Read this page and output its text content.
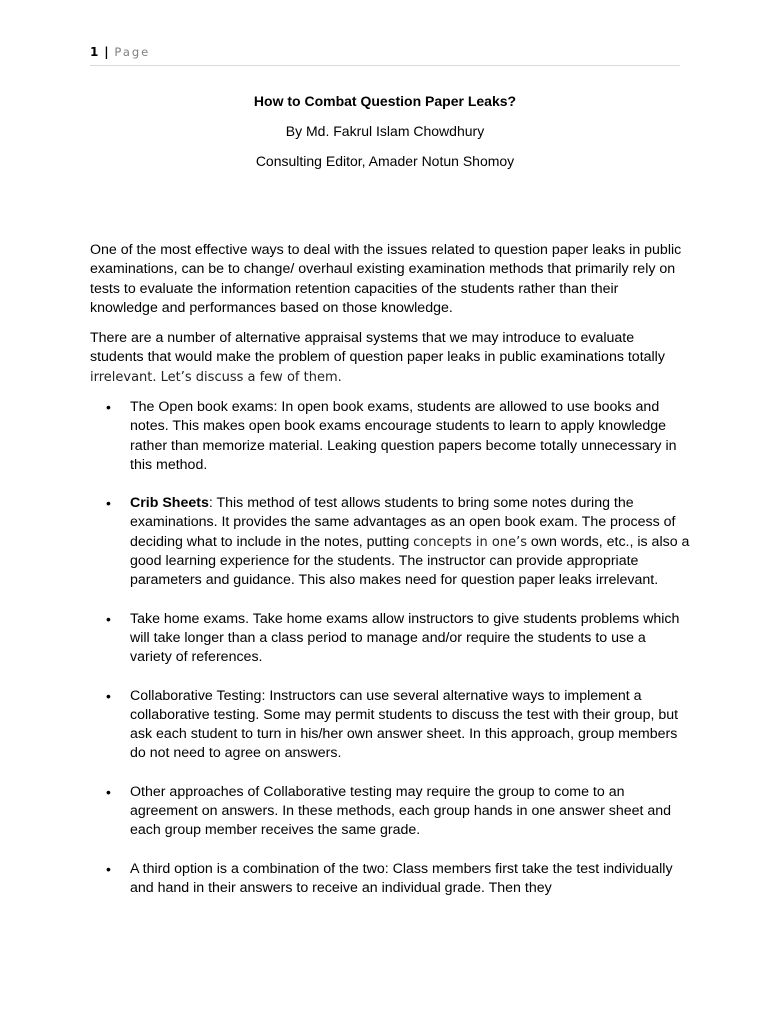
1 | Page
How to Combat Question Paper Leaks?
By Md. Fakrul Islam Chowdhury
Consulting Editor, Amader Notun Shomoy

One of the most effective ways to deal with the issues related to question paper leaks in public examinations, can be to change/ overhaul existing examination methods that primarily rely on tests to evaluate the information retention capacities of the students rather than their knowledge and performances based on those knowledge.

There are a number of alternative appraisal systems that we may introduce to evaluate students that would make the problem of question paper leaks in public examinations totally irrelevant. Let’s discuss a few of them.

• The Open book exams: In open book exams, students are allowed to use books and notes. This makes open book exams encourage students to learn to apply knowledge rather than memorize material. Leaking question papers become totally unnecessary in this method.
• Crib Sheets: This method of test allows students to bring some notes during the examinations. It provides the same advantages as an open book exam. The process of deciding what to include in the notes, putting concepts in one’s own words, etc., is also a good learning experience for the students. The instructor can provide appropriate parameters and guidance. This also makes need for question paper leaks irrelevant.
• Take home exams. Take home exams allow instructors to give students problems which will take longer than a class period to manage and/or require the students to use a variety of references.
• Collaborative Testing: Instructors can use several alternative ways to implement a collaborative testing. Some may permit students to discuss the test with their group, but ask each student to turn in his/her own answer sheet. In this approach, group members do not need to agree on answers.
• Other approaches of Collaborative testing may require the group to come to an agreement on answers. In these methods, each group hands in one answer sheet and each group member receives the same grade.
• A third option is a combination of the two: Class members first take the test individually and hand in their answers to receive an individual grade. Then they
